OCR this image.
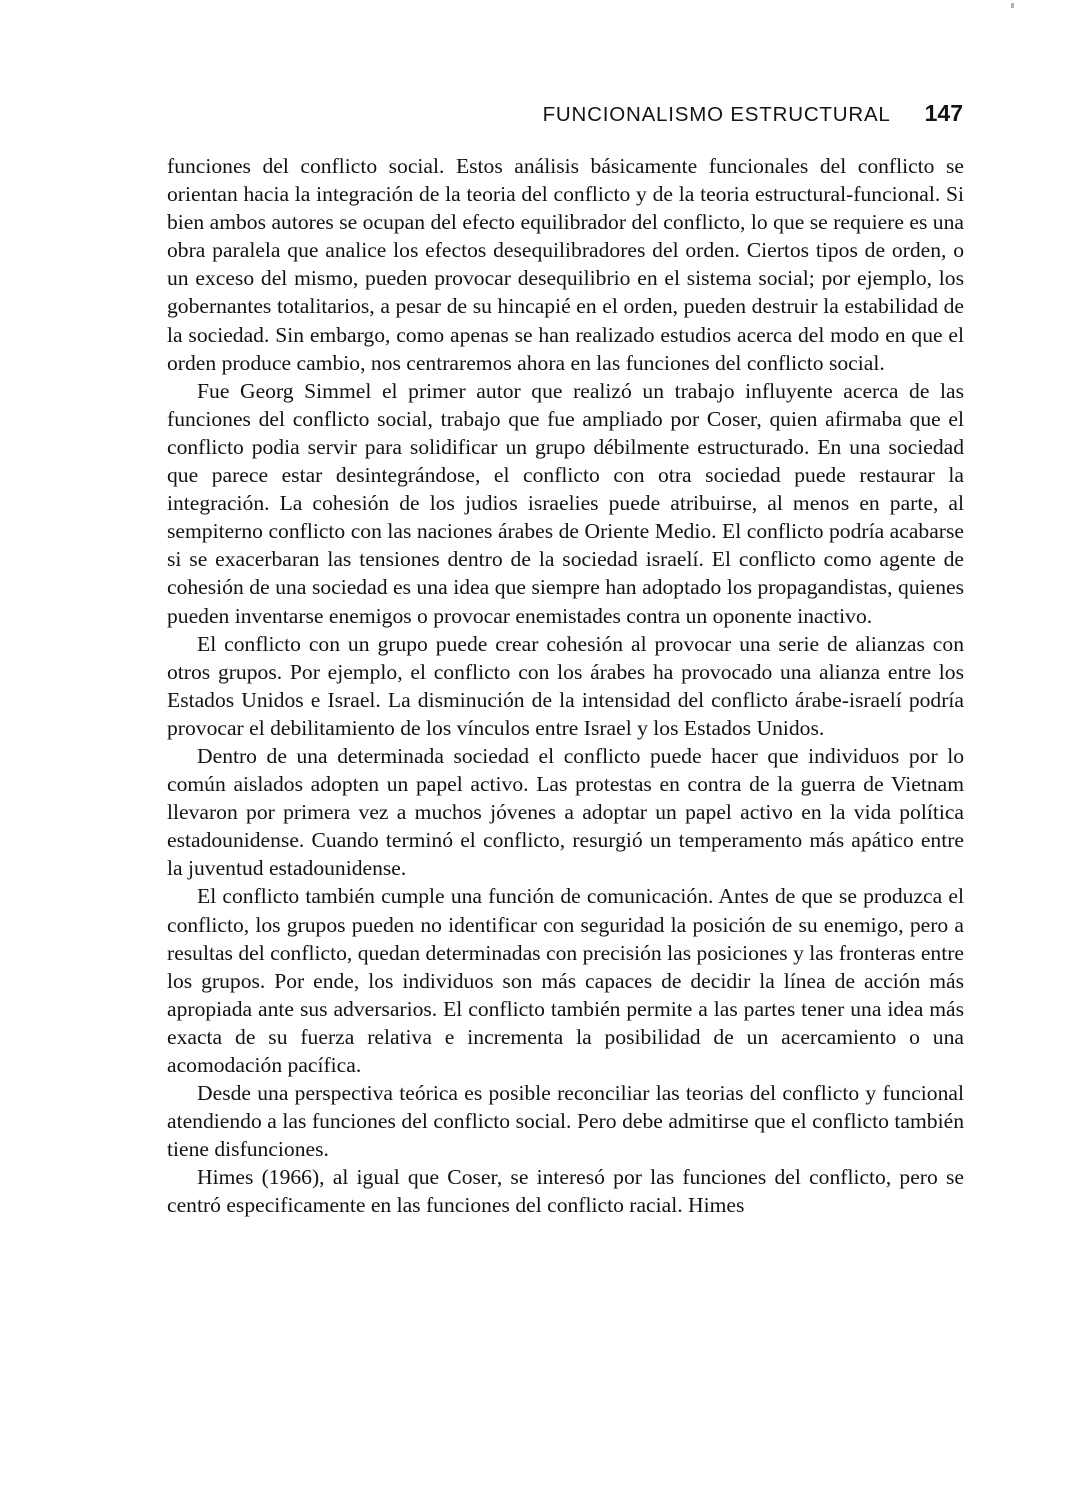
FUNCIONALISMO ESTRUCTURAL 147

funciones del conflicto social. Estos análisis básicamente funcionales del conflicto se orientan hacia la integración de la teoria del conflicto y de la teoria estructural-funcional. Si bien ambos autores se ocupan del efecto equilibrador del conflicto, lo que se requiere es una obra paralela que analice los efectos desequilibradores del orden. Ciertos tipos de orden, o un exceso del mismo, pueden provocar desequilibrio en el sistema social; por ejemplo, los gobernantes totalitarios, a pesar de su hincapié en el orden, pueden destruir la estabilidad de la sociedad. Sin embargo, como apenas se han realizado estudios acerca del modo en que el orden produce cambio, nos centraremos ahora en las funciones del conflicto social.

Fue Georg Simmel el primer autor que realizó un trabajo influyente acerca de las funciones del conflicto social, trabajo que fue ampliado por Coser, quien afirmaba que el conflicto podia servir para solidificar un grupo débilmente estructurado. En una sociedad que parece estar desintegrándose, el conflicto con otra sociedad puede restaurar la integración. La cohesión de los judios israelies puede atribuirse, al menos en parte, al sempiterno conflicto con las naciones árabes de Oriente Medio. El conflicto podría acabarse si se exacerbaran las tensiones dentro de la sociedad israelí. El conflicto como agente de cohesión de una sociedad es una idea que siempre han adoptado los propagandistas, quienes pueden inventarse enemigos o provocar enemistades contra un oponente inactivo.

El conflicto con un grupo puede crear cohesión al provocar una serie de alianzas con otros grupos. Por ejemplo, el conflicto con los árabes ha provocado una alianza entre los Estados Unidos e Israel. La disminución de la intensidad del conflicto árabe-israelí podría provocar el debilitamiento de los vínculos entre Israel y los Estados Unidos.

Dentro de una determinada sociedad el conflicto puede hacer que individuos por lo común aislados adopten un papel activo. Las protestas en contra de la guerra de Vietnam llevaron por primera vez a muchos jóvenes a adoptar un papel activo en la vida política estadounidense. Cuando terminó el conflicto, resurgió un temperamento más apático entre la juventud estadounidense.

El conflicto también cumple una función de comunicación. Antes de que se produzca el conflicto, los grupos pueden no identificar con seguridad la posición de su enemigo, pero a resultas del conflicto, quedan determinadas con precisión las posiciones y las fronteras entre los grupos. Por ende, los individuos son más capaces de decidir la línea de acción más apropiada ante sus adversarios. El conflicto también permite a las partes tener una idea más exacta de su fuerza relativa e incrementa la posibilidad de un acercamiento o una acomodación pacífica.

Desde una perspectiva teórica es posible reconciliar las teorias del conflicto y funcional atendiendo a las funciones del conflicto social. Pero debe admitirse que el conflicto también tiene disfunciones.

Himes (1966), al igual que Coser, se interesó por las funciones del conflicto, pero se centró especificamente en las funciones del conflicto racial. Himes
